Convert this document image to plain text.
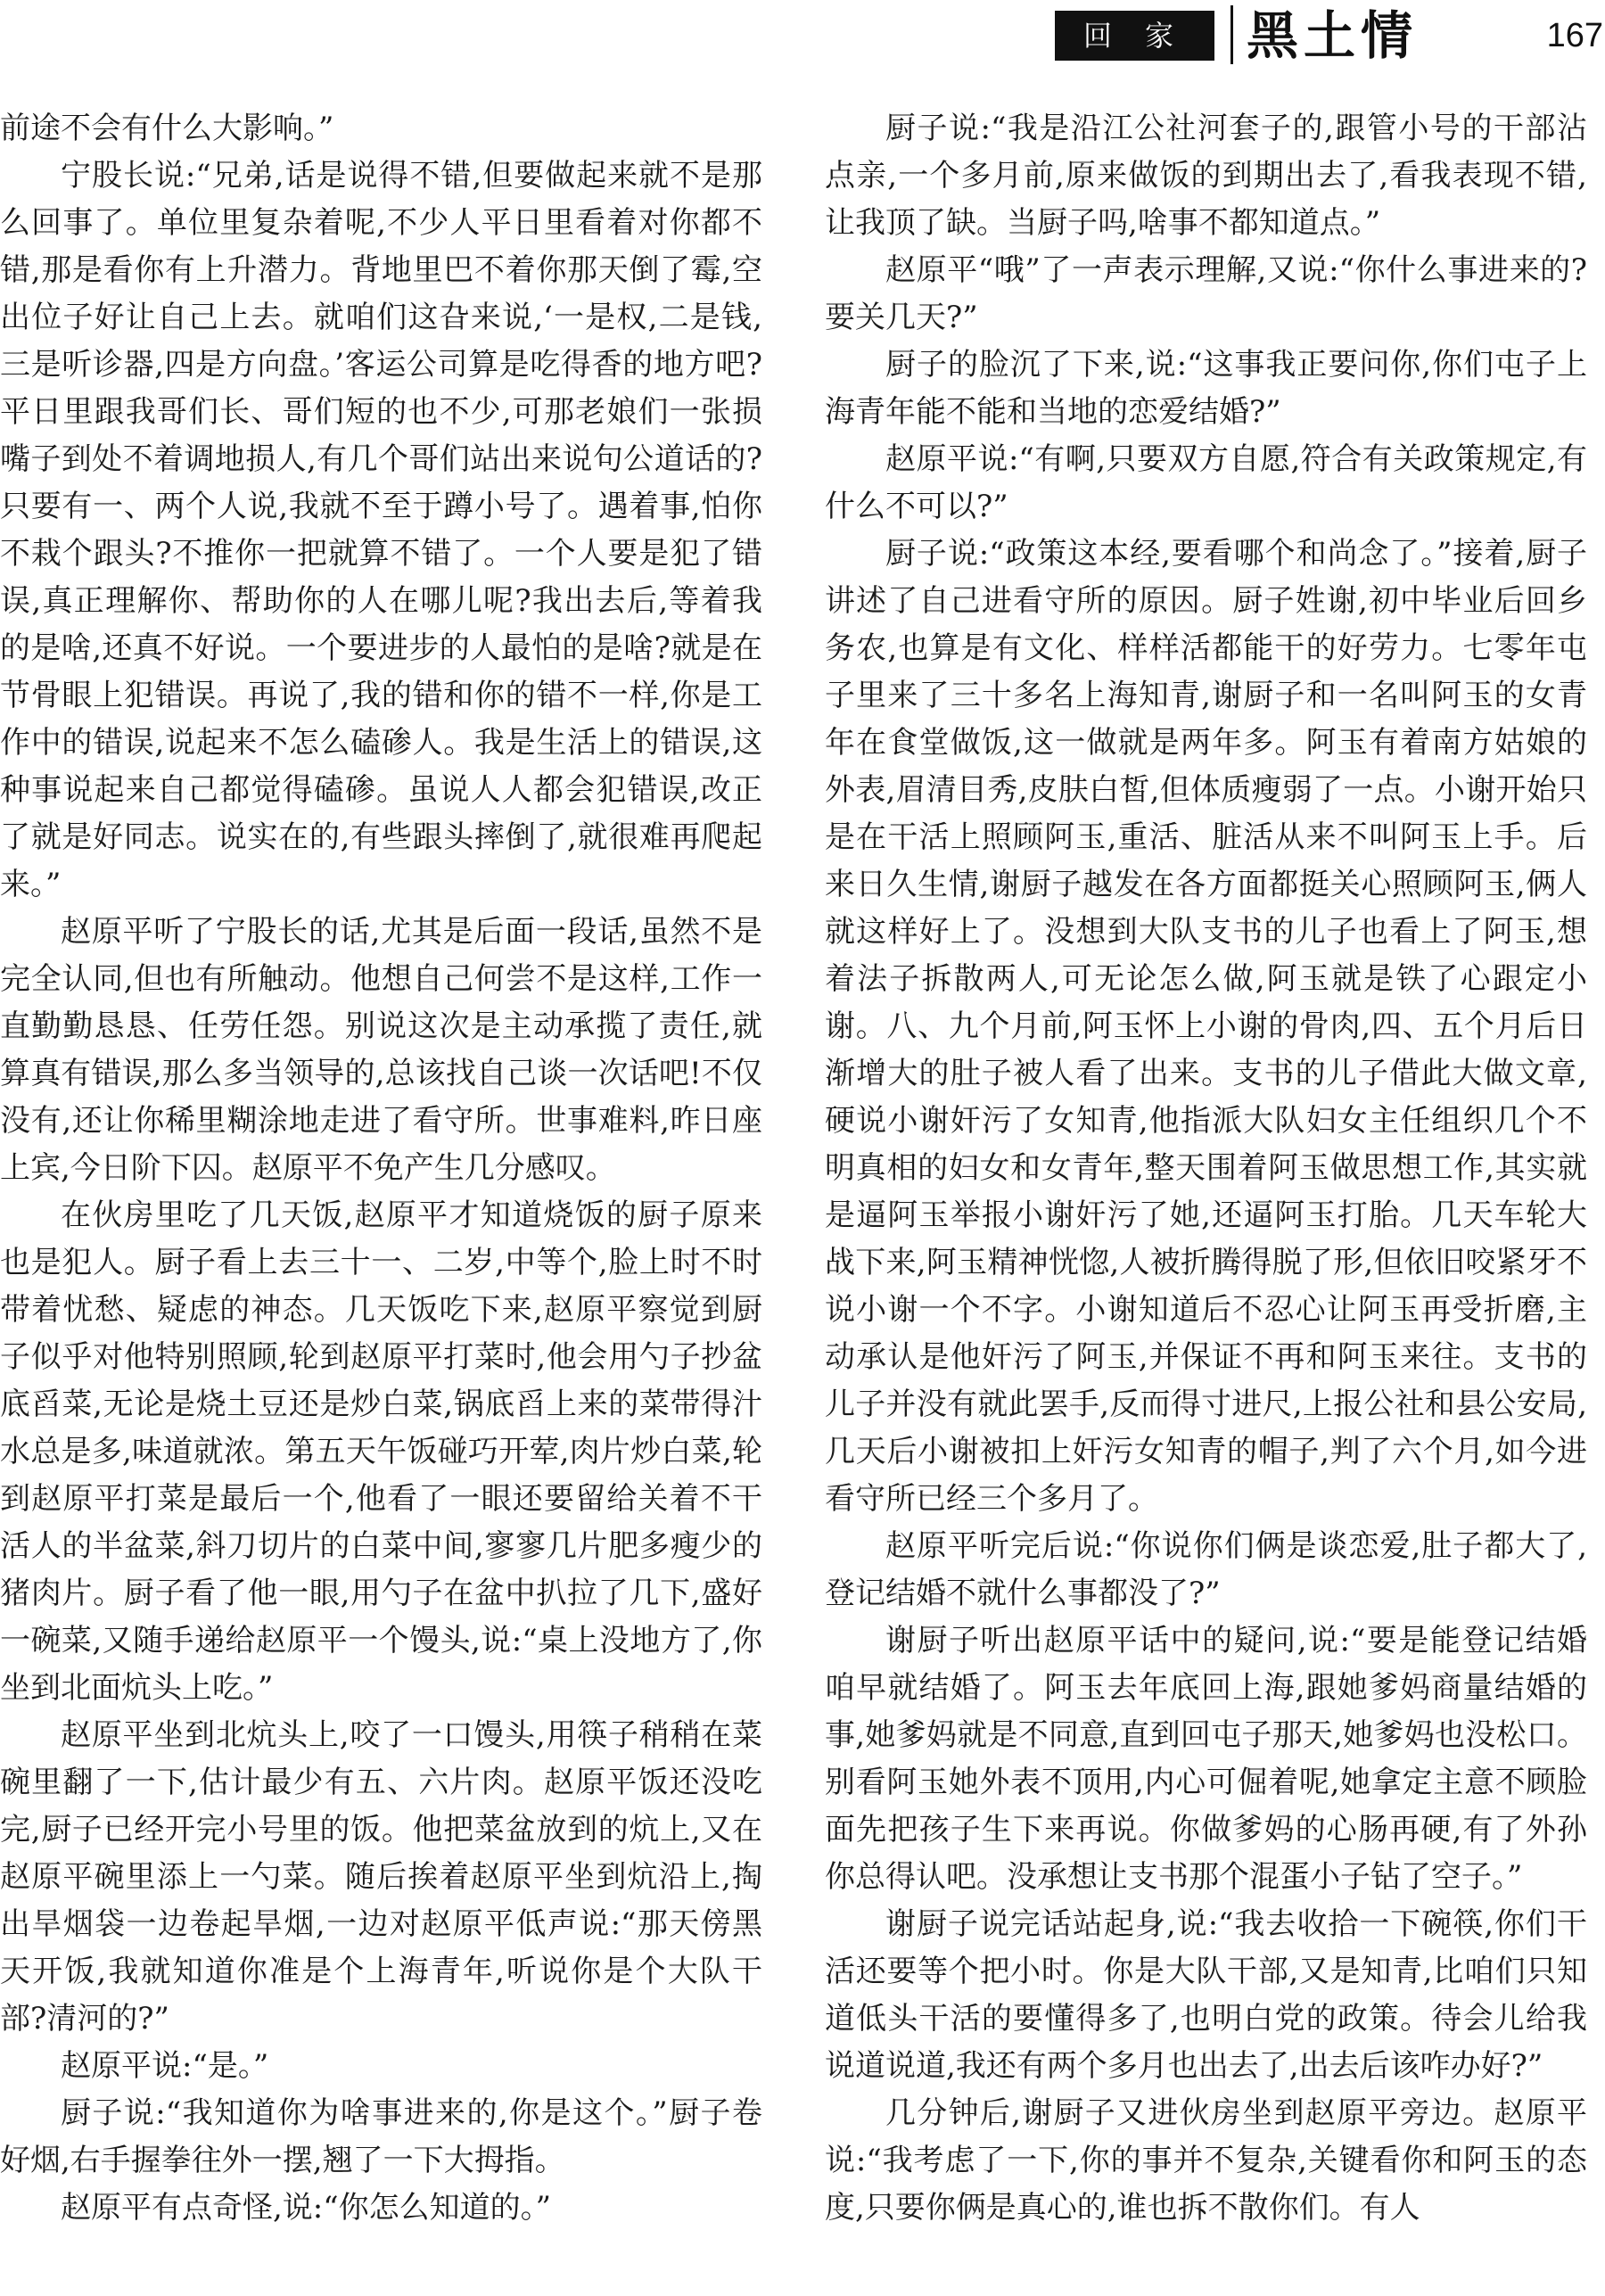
回 家	黑土情	167

前途不会有什么大影响。”

宁股长说:“兄弟,话是说得不错,但要做起来就不是那么回事了。单位里复杂着呢,不少人平日里看着对你都不错,那是看你有上升潜力。背地里巴不着你那天倒了霉,空出位子好让自己上去。就咱们这旮来说,‘一是权,二是钱,三是听诊器,四是方向盘。’客运公司算是吃得香的地方吧?平日里跟我哥们长、哥们短的也不少,可那老娘们一张损嘴子到处不着调地损人,有几个哥们站出来说句公道话的?只要有一、两个人说,我就不至于蹲小号了。遇着事,怕你不栽个跟头?不推你一把就算不错了。一个人要是犯了错误,真正理解你、帮助你的人在哪儿呢?我出去后,等着我的是啥,还真不好说。一个要进步的人最怕的是啥?就是在节骨眼上犯错误。再说了,我的错和你的错不一样,你是工作中的错误,说起来不怎么磕碜人。我是生活上的错误,这种事说起来自己都觉得磕碜。虽说人人都会犯错误,改正了就是好同志。说实在的,有些跟头摔倒了,就很难再爬起来。”

赵原平听了宁股长的话,尤其是后面一段话,虽然不是完全认同,但也有所触动。他想自己何尝不是这样,工作一直勤勤恳恳、任劳任怨。别说这次是主动承揽了责任,就算真有错误,那么多当领导的,总该找自己谈一次话吧!不仅没有,还让你稀里糊涂地走进了看守所。世事难料,昨日座上宾,今日阶下囚。赵原平不免产生几分感叹。

在伙房里吃了几天饭,赵原平才知道烧饭的厨子原来也是犯人。厨子看上去三十一、二岁,中等个,脸上时不时带着忧愁、疑虑的神态。几天饭吃下来,赵原平察觉到厨子似乎对他特别照顾,轮到赵原平打菜时,他会用勺子抄盆底舀菜,无论是烧土豆还是炒白菜,锅底舀上来的菜带得汁水总是多,味道就浓。第五天午饭碰巧开荤,肉片炒白菜,轮到赵原平打菜是最后一个,他看了一眼还要留给关着不干活人的半盆菜,斜刀切片的白菜中间,寥寥几片肥多瘦少的猪肉片。厨子看了他一眼,用勺子在盆中扒拉了几下,盛好一碗菜,又随手递给赵原平一个馒头,说:“桌上没地方了,你坐到北面炕头上吃。”

赵原平坐到北炕头上,咬了一口馒头,用筷子稍稍在菜碗里翻了一下,估计最少有五、六片肉。赵原平饭还没吃完,厨子已经开完小号里的饭。他把菜盆放到的炕上,又在赵原平碗里添上一勺菜。随后挨着赵原平坐到炕沿上,掏出旱烟袋一边卷起旱烟,一边对赵原平低声说:“那天傍黑天开饭,我就知道你准是个上海青年,听说你是个大队干部?清河的?”

赵原平说:“是。”

厨子说:“我知道你为啥事进来的,你是这个。”厨子卷好烟,右手握拳往外一摆,翘了一下大拇指。

赵原平有点奇怪,说:“你怎么知道的。”

厨子说:“我是沿江公社河套子的,跟管小号的干部沾点亲,一个多月前,原来做饭的到期出去了,看我表现不错,让我顶了缺。当厨子吗,啥事不都知道点。”

赵原平“哦”了一声表示理解,又说:“你什么事进来的?要关几天?”

厨子的脸沉了下来,说:“这事我正要问你,你们屯子上海青年能不能和当地的恋爱结婚?”

赵原平说:“有啊,只要双方自愿,符合有关政策规定,有什么不可以?”

厨子说:“政策这本经,要看哪个和尚念了。”接着,厨子讲述了自己进看守所的原因。厨子姓谢,初中毕业后回乡务农,也算是有文化、样样活都能干的好劳力。七零年屯子里来了三十多名上海知青,谢厨子和一名叫阿玉的女青年在食堂做饭,这一做就是两年多。阿玉有着南方姑娘的外表,眉清目秀,皮肤白皙,但体质瘦弱了一点。小谢开始只是在干活上照顾阿玉,重活、脏活从来不叫阿玉上手。后来日久生情,谢厨子越发在各方面都挺关心照顾阿玉,俩人就这样好上了。没想到大队支书的儿子也看上了阿玉,想着法子拆散两人,可无论怎么做,阿玉就是铁了心跟定小谢。八、九个月前,阿玉怀上小谢的骨肉,四、五个月后日渐增大的肚子被人看了出来。支书的儿子借此大做文章,硬说小谢奸污了女知青,他指派大队妇女主任组织几个不明真相的妇女和女青年,整天围着阿玉做思想工作,其实就是逼阿玉举报小谢奸污了她,还逼阿玉打胎。几天车轮大战下来,阿玉精神恍惚,人被折腾得脱了形,但依旧咬紧牙不说小谢一个不字。小谢知道后不忍心让阿玉再受折磨,主动承认是他奸污了阿玉,并保证不再和阿玉来往。支书的儿子并没有就此罢手,反而得寸进尺,上报公社和县公安局,几天后小谢被扣上奸污女知青的帽子,判了六个月,如今进看守所已经三个多月了。

赵原平听完后说:“你说你们俩是谈恋爱,肚子都大了,登记结婚不就什么事都没了?”

谢厨子听出赵原平话中的疑问,说:“要是能登记结婚咱早就结婚了。阿玉去年底回上海,跟她爹妈商量结婚的事,她爹妈就是不同意,直到回屯子那天,她爹妈也没松口。别看阿玉她外表不顶用,内心可倔着呢,她拿定主意不顾脸面先把孩子生下来再说。你做爹妈的心肠再硬,有了外孙你总得认吧。没承想让支书那个混蛋小子钻了空子。”

谢厨子说完话站起身,说:“我去收拾一下碗筷,你们干活还要等个把小时。你是大队干部,又是知青,比咱们只知道低头干活的要懂得多了,也明白党的政策。待会儿给我说道说道,我还有两个多月也出去了,出去后该咋办好?”

几分钟后,谢厨子又进伙房坐到赵原平旁边。赵原平说:“我考虑了一下,你的事并不复杂,关键看你和阿玉的态度,只要你俩是真心的,谁也拆不散你们。有人
